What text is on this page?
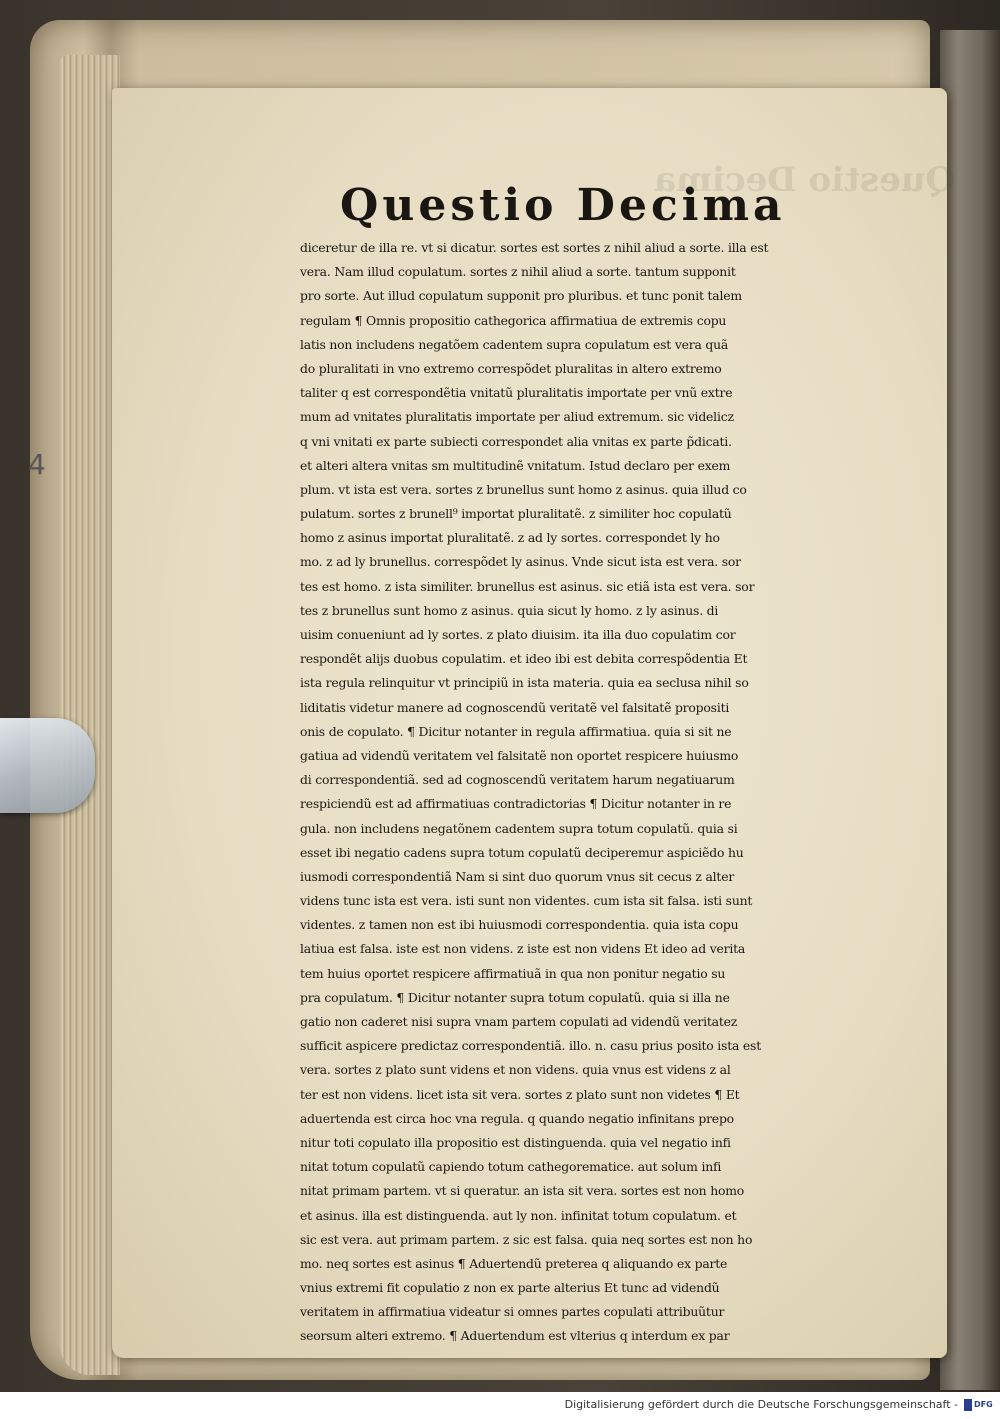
4
Questio Decima
Questio Decima
diceretur de illa re. vt si dicatur. sortes est sortes z nihil aliud a sorte. illa est
vera. Nam illud copulatum. sortes z nihil aliud a sorte. tantum supponit
pro sorte. Aut illud copulatum supponit pro pluribus. et tunc ponit talem
regulam ¶ Omnis propositio cathegorica affirmatiua de extremis copu
latis non includens negatõem cadentem supra copulatum est vera quã
do pluralitati in vno extremo correspõdet pluralitas in altero extremo
taliter q est correspondẽtia vnitatũ pluralitatis importate per vnũ extre
mum ad vnitates pluralitatis importate per aliud extremum. sic videlicz
q vni vnitati ex parte subiecti correspondet alia vnitas ex parte p̃dicati.
et alteri altera vnitas sm multitudinẽ vnitatum. Istud declaro per exem
plum. vt ista est vera. sortes z brunellus sunt homo z asinus. quia illud co
pulatum. sortes z brunell⁹ importat pluralitatẽ. z similiter hoc copulatũ
homo z asinus importat pluralitatẽ. z ad ly sortes. correspondet ly ho
mo. z ad ly brunellus. correspõdet ly asinus. Vnde sicut ista est vera. sor
tes est homo. z ista similiter. brunellus est asinus. sic etiã ista est vera. sor
tes z brunellus sunt homo z asinus. quia sicut ly homo. z ly asinus. di
uisim conueniunt ad ly sortes. z plato diuisim. ita illa duo copulatim cor
respondẽt alijs duobus copulatim. et ideo ibi est debita correspõdentia Et
ista regula relinquitur vt principiũ in ista materia. quia ea seclusa nihil so
liditatis videtur manere ad cognoscendũ veritatẽ vel falsitatẽ propositi
onis de copulato. ¶ Dicitur notanter in regula affirmatiua. quia si sit ne
gatiua ad videndũ veritatem vel falsitatẽ non oportet respicere huiusmo
di correspondentiã. sed ad cognoscendũ veritatem harum negatiuarum
respiciendũ est ad affirmatiuas contradictorias ¶ Dicitur notanter in re
gula. non includens negatõnem cadentem supra totum copulatũ. quia si
esset ibi negatio cadens supra totum copulatũ deciperemur aspiciẽdo hu
iusmodi correspondentiã Nam si sint duo quorum vnus sit cecus z alter
videns tunc ista est vera. isti sunt non videntes. cum ista sit falsa. isti sunt
videntes. z tamen non est ibi huiusmodi correspondentia. quia ista copu
latiua est falsa. iste est non videns. z iste est non videns Et ideo ad verita
tem huius oportet respicere affirmatiuã in qua non ponitur negatio su
pra copulatum. ¶ Dicitur notanter supra totum copulatũ. quia si illa ne
gatio non caderet nisi supra vnam partem copulati ad videndũ veritatez
sufficit aspicere predictaz correspondentiã. illo. n. casu prius posito ista est
vera. sortes z plato sunt videns et non videns. quia vnus est videns z al
ter est non videns. licet ista sit vera. sortes z plato sunt non videtes ¶ Et
aduertenda est circa hoc vna regula. q quando negatio infinitans prepo
nitur toti copulato illa propositio est distinguenda. quia vel negatio infi
nitat totum copulatũ capiendo totum cathegorematice. aut solum infi
nitat primam partem. vt si queratur. an ista sit vera. sortes est non homo
et asinus. illa est distinguenda. aut ly non. infinitat totum copulatum. et
sic est vera. aut primam partem. z sic est falsa. quia neq sortes est non ho
mo. neq sortes est asinus ¶ Aduertendũ preterea q aliquando ex parte
vnius extremi fit copulatio z non ex parte alterius Et tunc ad videndũ
veritatem in affirmatiua videatur si omnes partes copulati attribuũtur
seorsum alteri extremo. ¶ Aduertendum est vlterius q interdum ex par
Digitalisierung gefördert durch die Deutsche Forschungsgemeinschaft - DFG
